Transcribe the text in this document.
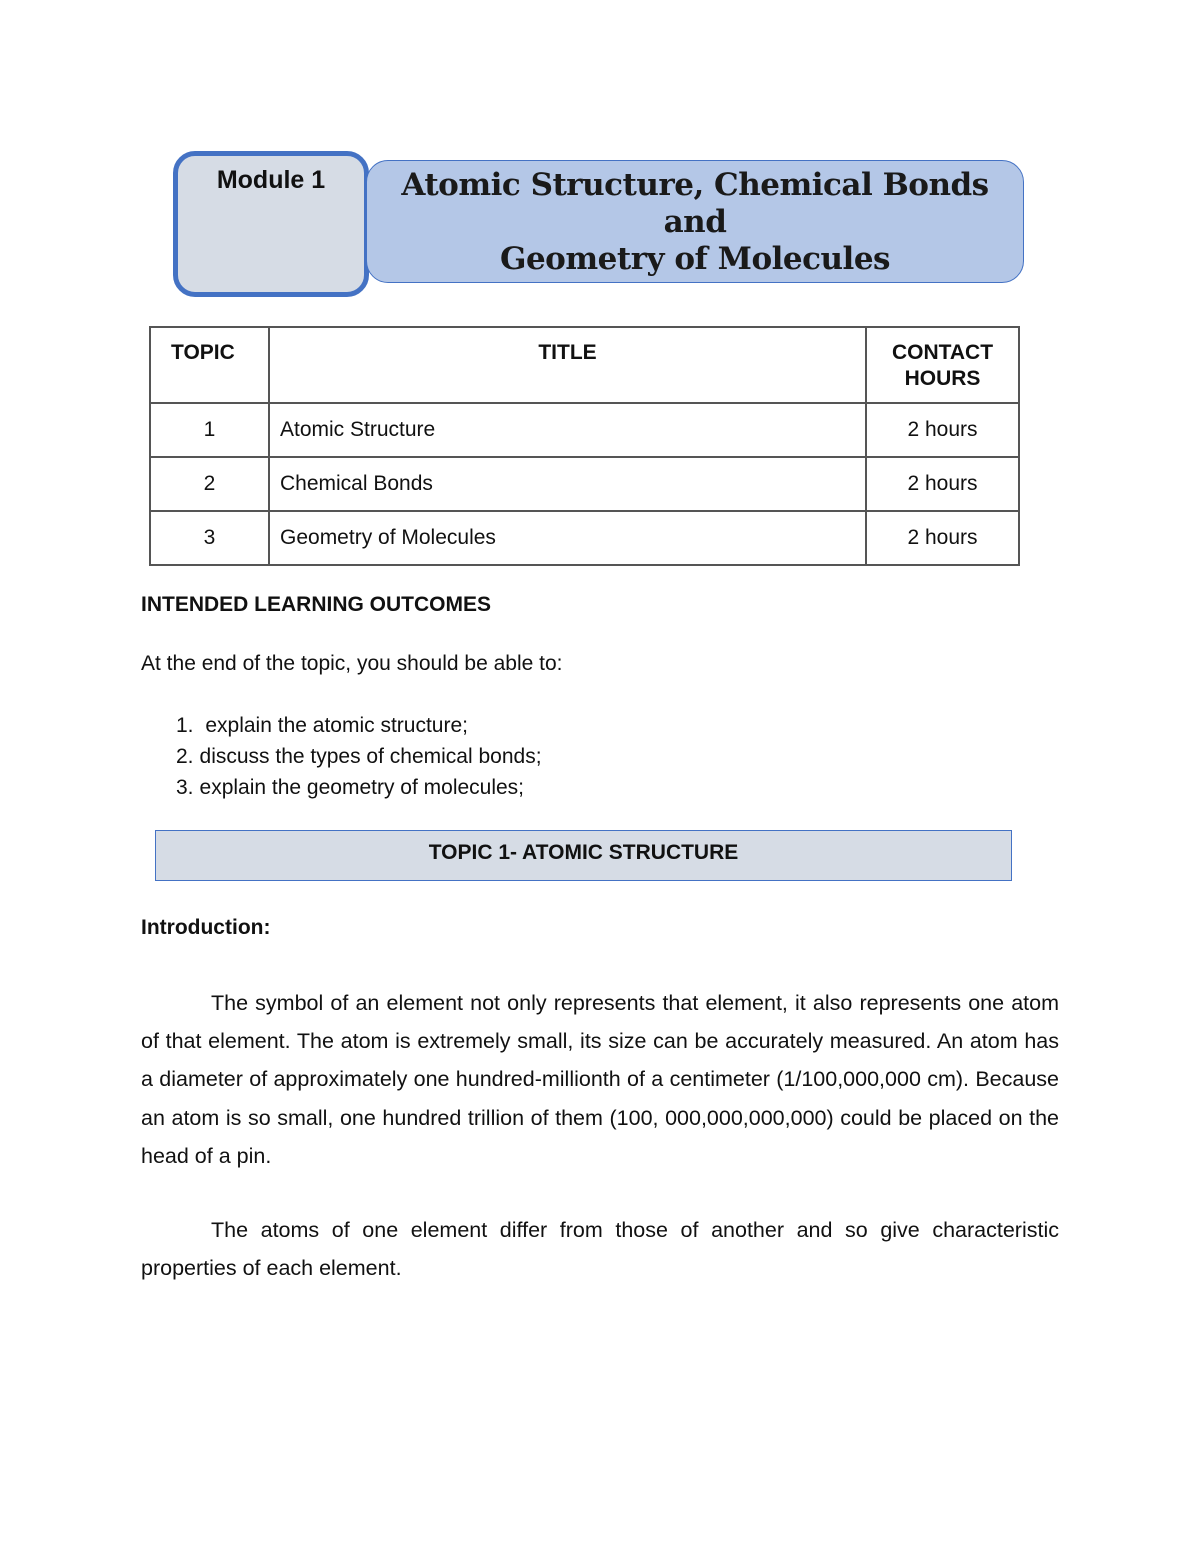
Module 1	Atomic Structure, Chemical Bonds and
Geometry of Molecules
TOPIC	TITLE	CONTACT
HOURS

1	Atomic Structure	2 hours
2	Chemical Bonds	2 hours
3	Geometry of Molecules	2 hours
INTENDED LEARNING OUTCOMES
At the end of the topic, you should be able to:
1. explain the atomic structure;
2. discuss the types of chemical bonds;
3. explain the geometry of molecules;
TOPIC 1- ATOMIC STRUCTURE
Introduction:

The symbol of an element not only represents that element, it also represents one atom of that element. The atom is extremely small, its size can be accurately measured. An atom has a diameter of approximately one hundred-millionth of a centimeter (1/100,000,000 cm). Because an atom is so small, one hundred trillion of them (100, 000,000,000,000) could be placed on the head of a pin.

The atoms of one element differ from those of another and so give characteristic properties of each element.
